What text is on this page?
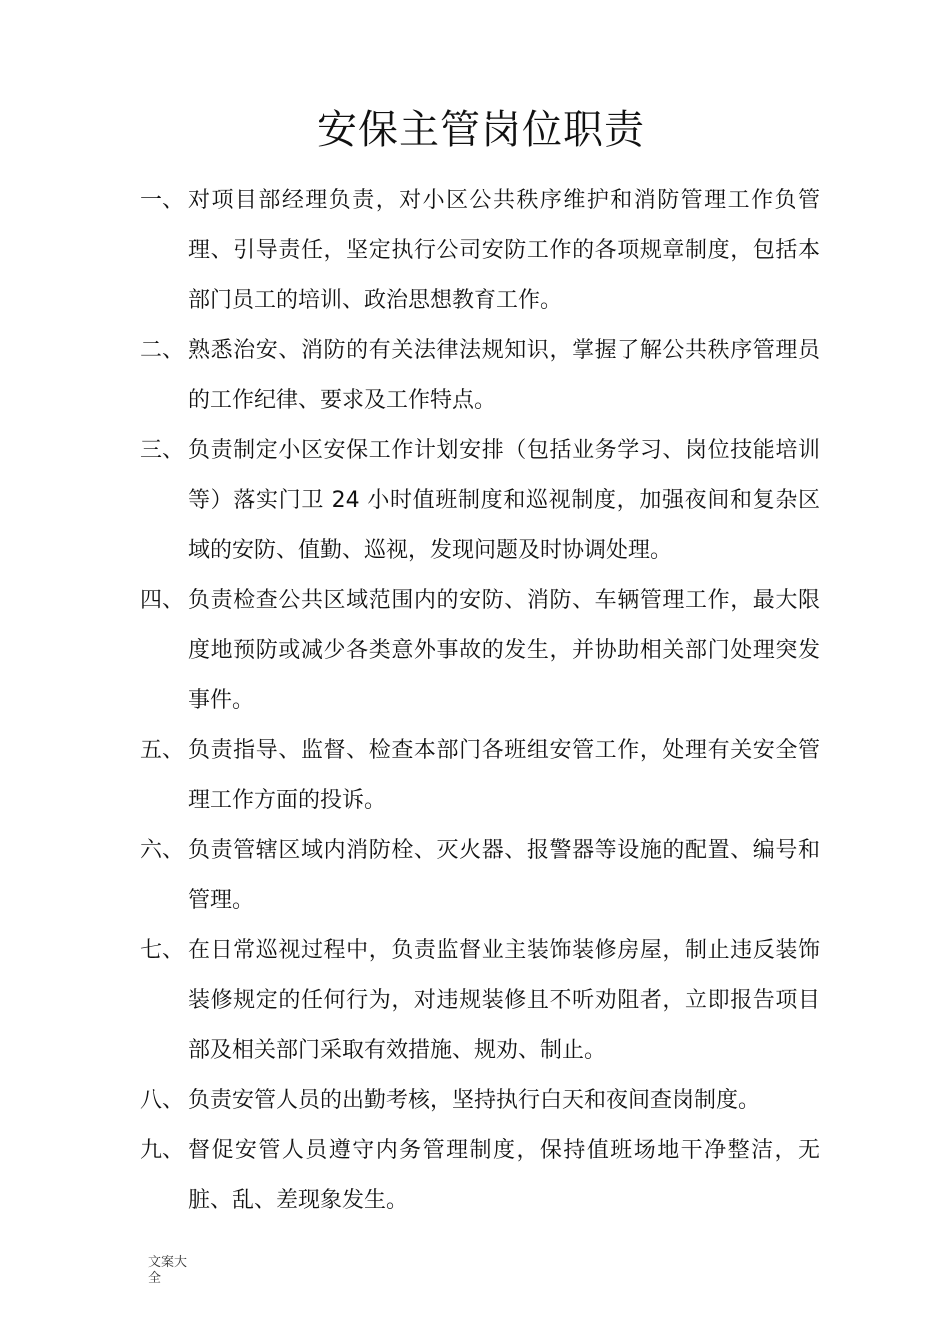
安保主管岗位职责
一、 对项目部经理负责，对小区公共秩序维护和消防管理工作负管理、引导责任，坚定执行公司安防工作的各项规章制度，包括本部门员工的培训、政治思想教育工作。
二、 熟悉治安、消防的有关法律法规知识，掌握了解公共秩序管理员的工作纪律、要求及工作特点。
三、 负责制定小区安保工作计划安排（包括业务学习、岗位技能培训等）落实门卫 24 小时值班制度和巡视制度，加强夜间和复杂区域的安防、值勤、巡视，发现问题及时协调处理。
四、 负责检查公共区域范围内的安防、消防、车辆管理工作，最大限度地预防或减少各类意外事故的发生，并协助相关部门处理突发事件。
五、 负责指导、监督、检查本部门各班组安管工作，处理有关安全管理工作方面的投诉。
六、 负责管辖区域内消防栓、灭火器、报警器等设施的配置、编号和管理。
七、 在日常巡视过程中，负责监督业主装饰装修房屋，制止违反装饰装修规定的任何行为，对违规装修且不听劝阻者，立即报告项目部及相关部门采取有效措施、规劝、制止。
八、 负责安管人员的出勤考核，坚持执行白天和夜间查岗制度。
九、 督促安管人员遵守内务管理制度，保持值班场地干净整洁，无脏、乱、差现象发生。
文案大全
